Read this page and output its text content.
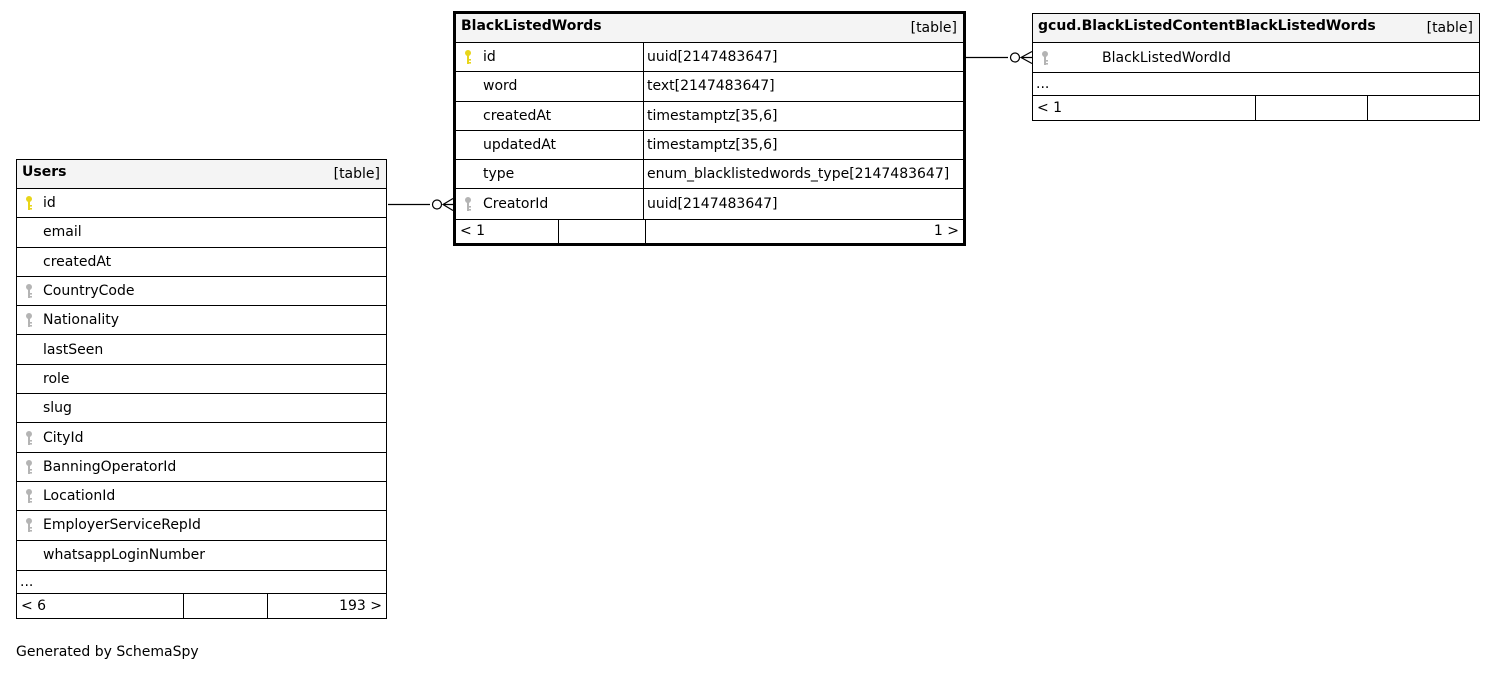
Users	[table]
id
email
createdAt
CountryCode
Nationality
lastSeen
role
slug
CityId
BanningOperatorId
LocationId
EmployerServiceRepId
whatsappLoginNumber
...
< 6	193 >
BlackListedWords	[table]
id	uuid[2147483647]
word	text[2147483647]
createdAt	timestamptz[35,6]
updatedAt	timestamptz[35,6]
type	enum_blacklistedwords_type[2147483647]
CreatorId	uuid[2147483647]
< 1	1 >
gcud.BlackListedContentBlackListedWords	[table]
BlackListedWordId
...
< 1
Generated by SchemaSpy
